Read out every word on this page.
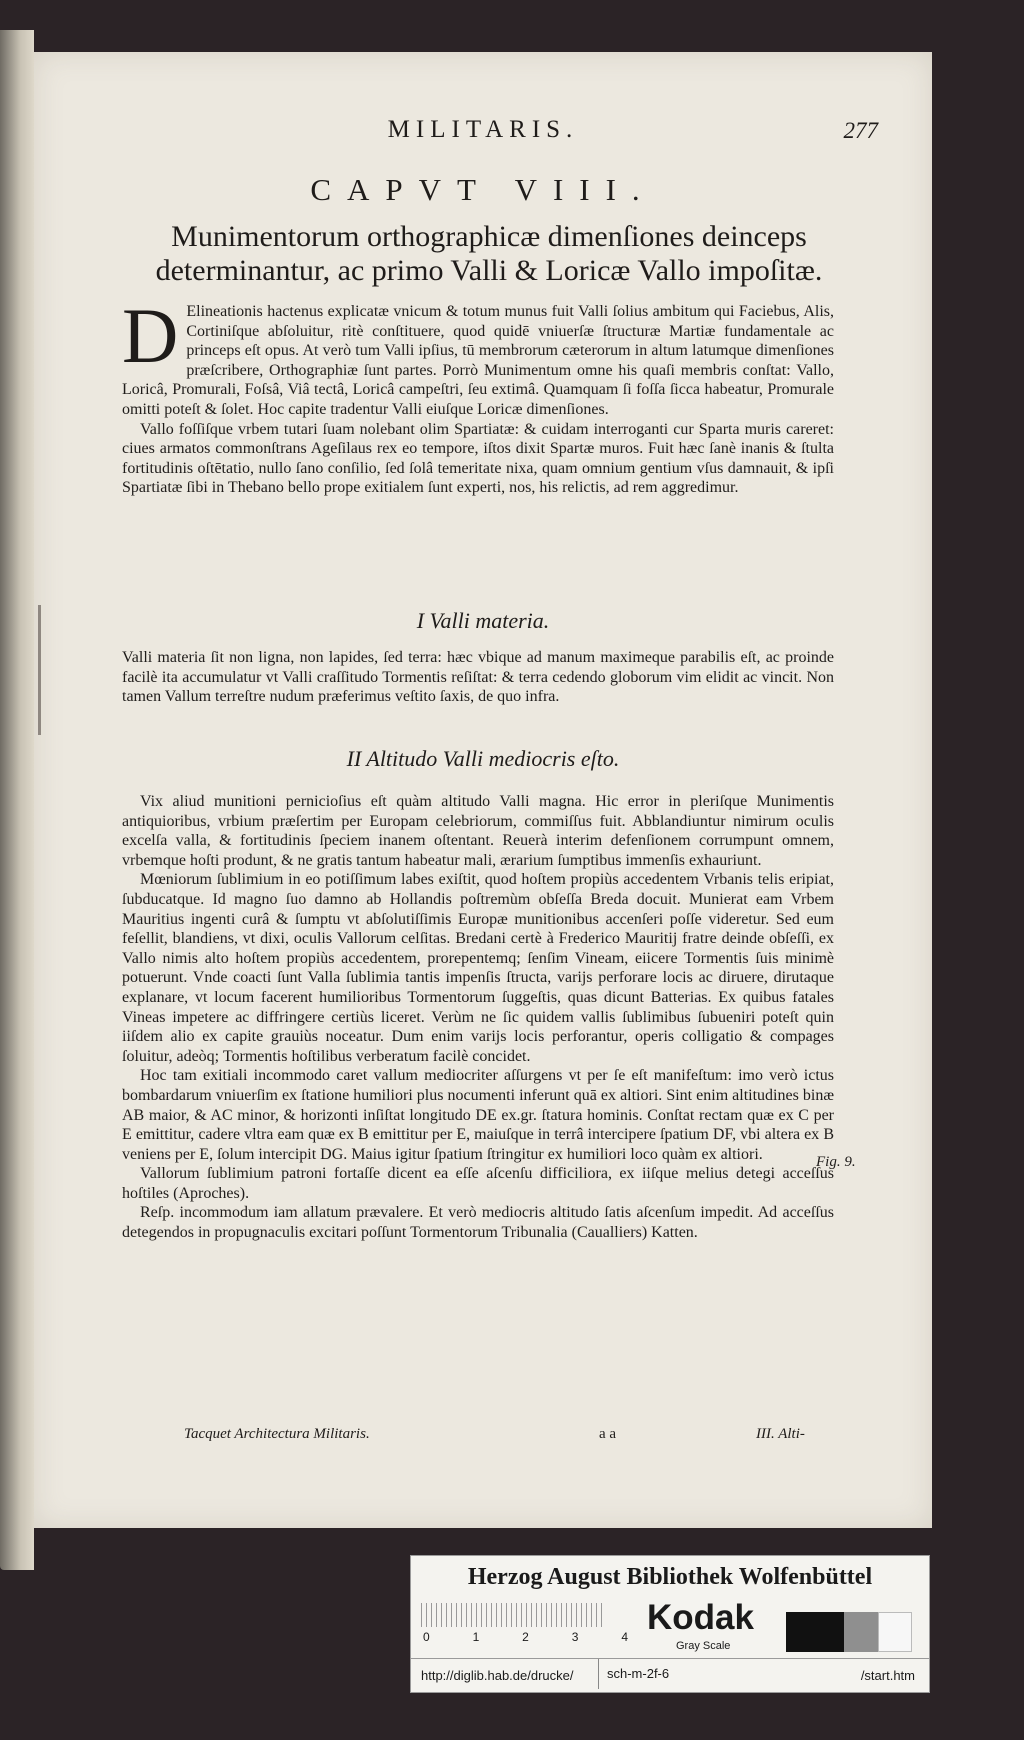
MILITARIS.	277
CAPVT VIII.
Munimentorum orthographicæ dimenſiones deinceps determinantur, ac primo Valli & Loricæ Vallo impoſitæ.
D Elineationis hactenus explicatæ vnicum & totum munus fuit Valli ſolius ambitum qui Faciebus, Alis, Cortiniſque abſoluitur, ritè conſtituere, quod quidē vniuerſæ ſtructuræ Martiæ fundamentale ac princeps eſt opus. At verò tum Valli ipſius, tū membrorum cæterorum in altum latumque dimenſiones præſcribere, Orthographiæ ſunt partes. Porrò Munimentum omne his quaſi membris conſtat: Vallo, Loricâ, Promurali, Foſsâ, Viâ tectâ, Loricâ campeſtri, ſeu extimâ. Quamquam ſi foſſa ſicca habeatur, Promurale omitti poteſt & ſolet. Hoc capite tradentur Valli eiuſque Loricæ dimenſiones.

Vallo foſſiſque vrbem tutari ſuam nolebant olim Spartiatæ: & cuidam interroganti cur Sparta muris careret: ciues armatos commonſtrans Ageſilaus rex eo tempore, iſtos dixit Spartæ muros. Fuit hæc ſanè inanis & ſtulta fortitudinis oſtētatio, nullo ſano conſilio, ſed ſolâ temeritate nixa, quam omnium gentium vſus damnauit, & ipſi Spartiatæ ſibi in Thebano bello prope exitialem ſunt experti, nos, his relictis, ad rem aggredimur.

I Valli materia.

Valli materia ſit non ligna, non lapides, ſed terra: hæc vbique ad manum maximeque parabilis eſt, ac proinde facilè ita accumulatur vt Valli craſſitudo Tormentis reſiſtat: & terra cedendo globorum vim elidit ac vincit. Non tamen Vallum terreſtre nudum præferimus veſtito ſaxis, de quo infra.

II Altitudo Valli mediocris eſto.

Vix aliud munitioni pernicioſius eſt quàm altitudo Valli magna. Hic error in pleriſque Munimentis antiquioribus, vrbium præſertim per Europam celebriorum, commiſſus fuit. Abblandiuntur nimirum oculis excelſa valla, & fortitudinis ſpeciem inanem oſtentant. Reuerà interim defenſionem corrumpunt omnem, vrbemque hoſti produnt, & ne gratis tantum habeatur mali, ærarium ſumptibus immenſis exhauriunt.

Mœniorum ſublimium in eo potiſſimum labes exiſtit, quod hoſtem propiùs accedentem Vrbanis telis eripiat, ſubducatque. Id magno ſuo damno ab Hollandis poſtremùm obſeſſa Breda docuit. Munierat eam Vrbem Mauritius ingenti curâ & ſumptu vt abſolutiſſimis Europæ munitionibus accenſeri poſſe videretur. Sed eum feſellit, blandiens, vt dixi, oculis Vallorum celſitas. Bredani certè à Frederico Mauritij fratre deinde obſeſſi, ex Vallo nimis alto hoſtem propiùs accedentem, prorepentemq; ſenſim Vineam, eiicere Tormentis ſuis minimè potuerunt. Vnde coacti ſunt Valla ſublimia tantis impenſis ſtructa, varijs perforare locis ac diruere, dirutaque explanare, vt locum facerent humilioribus Tormentorum ſuggeſtis, quas dicunt Batterias. Ex quibus fatales Vineas impetere ac diffringere certiùs liceret. Verùm ne ſic quidem vallis ſublimibus ſubueniri poteſt quin iiſdem alio ex capite grauiùs noceatur. Dum enim varijs locis perforantur, operis colligatio & compages ſoluitur, adeòq; Tormentis hoſtilibus verberatum facilè concidet.

Hoc tam exitiali incommodo caret vallum mediocriter aſſurgens vt per ſe eſt manifeſtum: imo verò ictus bombardarum vniuerſim ex ſtatione humiliori plus nocumenti inferunt quā ex altiori. Sint enim altitudines binæ AB maior, & AC minor, & horizonti inſiſtat longitudo DE ex.gr. ſtatura hominis. Conſtat rectam quæ ex C per E emittitur, cadere vltra eam quæ ex B emittitur per E, maiuſque in terrâ intercipere ſpatium DF, vbi altera ex B veniens per E, ſolum intercipit DG. Maius igitur ſpatium ſtringitur ex humiliori loco quàm ex altiori.

Vallorum ſublimium patroni fortaſſe dicent ea eſſe aſcenſu difficiliora, ex iiſque melius detegi acceſſus hoſtiles (Aproches).

Reſp. incommodum iam allatum prævalere. Et verò mediocris altitudo ſatis aſcenſum impedit. Ad acceſſus detegendos in propugnaculis excitari poſſunt Tormentorum Tribunalia (Caualliers) Katten.

Fig. 9.
Tacquet Architectura Militaris.	a a	III. Alti-
Herzog August Bibliothek Wolfenbüttel
0	1	2	3	4 Kodak
Gray Scale
http://diglib.hab.de/drucke/	sch-m-2f-6	/start.htm
